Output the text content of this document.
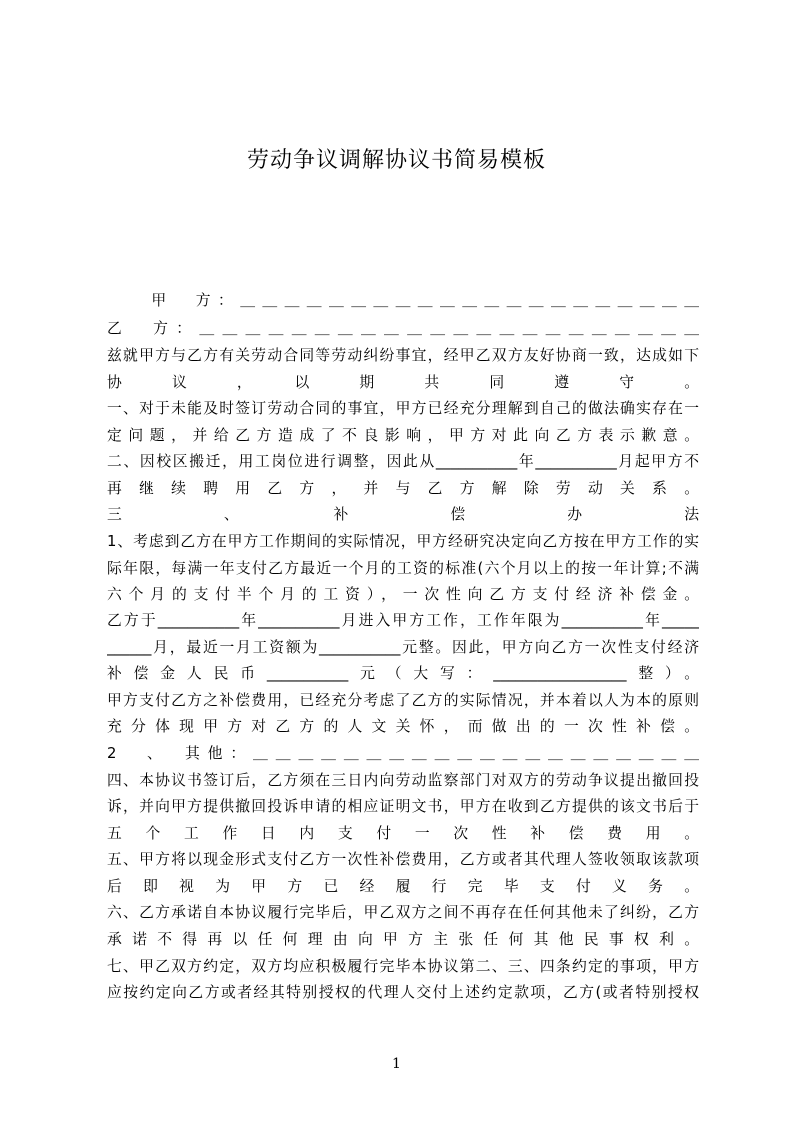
劳动争议调解协议书简易模板
　　甲　方：＿＿＿＿＿＿＿＿＿＿＿＿＿＿＿＿＿＿＿＿＿
乙　方：＿＿＿＿＿＿＿＿＿＿＿＿＿＿＿＿＿＿＿＿＿＿
兹就甲方与乙方有关劳动合同等劳动纠纷事宜，经甲乙双方友好协商一致，达成如下
协　议　，　以　期　共　同　遵　守　。
一、对于未能及时签订劳动合同的事宜，甲方已经充分理解到自己的做法确实存在一
定问题，并给乙方造成了不良影响，甲方对此向乙方表示歉意。
二、因校区搬迁，用工岗位进行调整，因此从___________年___________月起甲方不
再继续聘用乙方，并与乙方解除劳动关系。
三　、　补　偿　办　法
1、考虑到乙方在甲方工作期间的实际情况，甲方经研究决定向乙方按在甲方工作的实
际年限，每满一年支付乙方最近一个月的工资的标准(六个月以上的按一年计算;不满
六个月的支付半个月的工资），一次性向乙方支付经济补偿金。
乙方于___________年___________月进入甲方工作，工作年限为___________年_____
______月，最近一月工资额为___________元整。因此，甲方向乙方一次性支付经济
补偿金人民币___________元（大写：__________________整）。
甲方支付乙方之补偿费用，已经充分考虑了乙方的实际情况，并本着以人为本的原则
充分体现甲方对乙方的人文关怀，而做出的一次性补偿。
2　、　其他：＿＿＿＿＿＿＿＿＿＿＿＿＿＿＿＿＿＿＿＿
四、本协议书签订后，乙方须在三日内向劳动监察部门对双方的劳动争议提出撤回投
诉，并向甲方提供撤回投诉申请的相应证明文书，甲方在收到乙方提供的该文书后于
五个工作日内支付一次性补偿费用。
五、甲方将以现金形式支付乙方一次性补偿费用，乙方或者其代理人签收领取该款项
后即视为甲方已经履行完毕支付义务。
六、乙方承诺自本协议履行完毕后，甲乙双方之间不再存在任何其他未了纠纷，乙方
承诺不得再以任何理由向甲方主张任何其他民事权利。
七、甲乙双方约定，双方均应积极履行完毕本协议第二、三、四条约定的事项，甲方
应按约定向乙方或者经其特别授权的代理人交付上述约定款项，乙方(或者特别授权
1
